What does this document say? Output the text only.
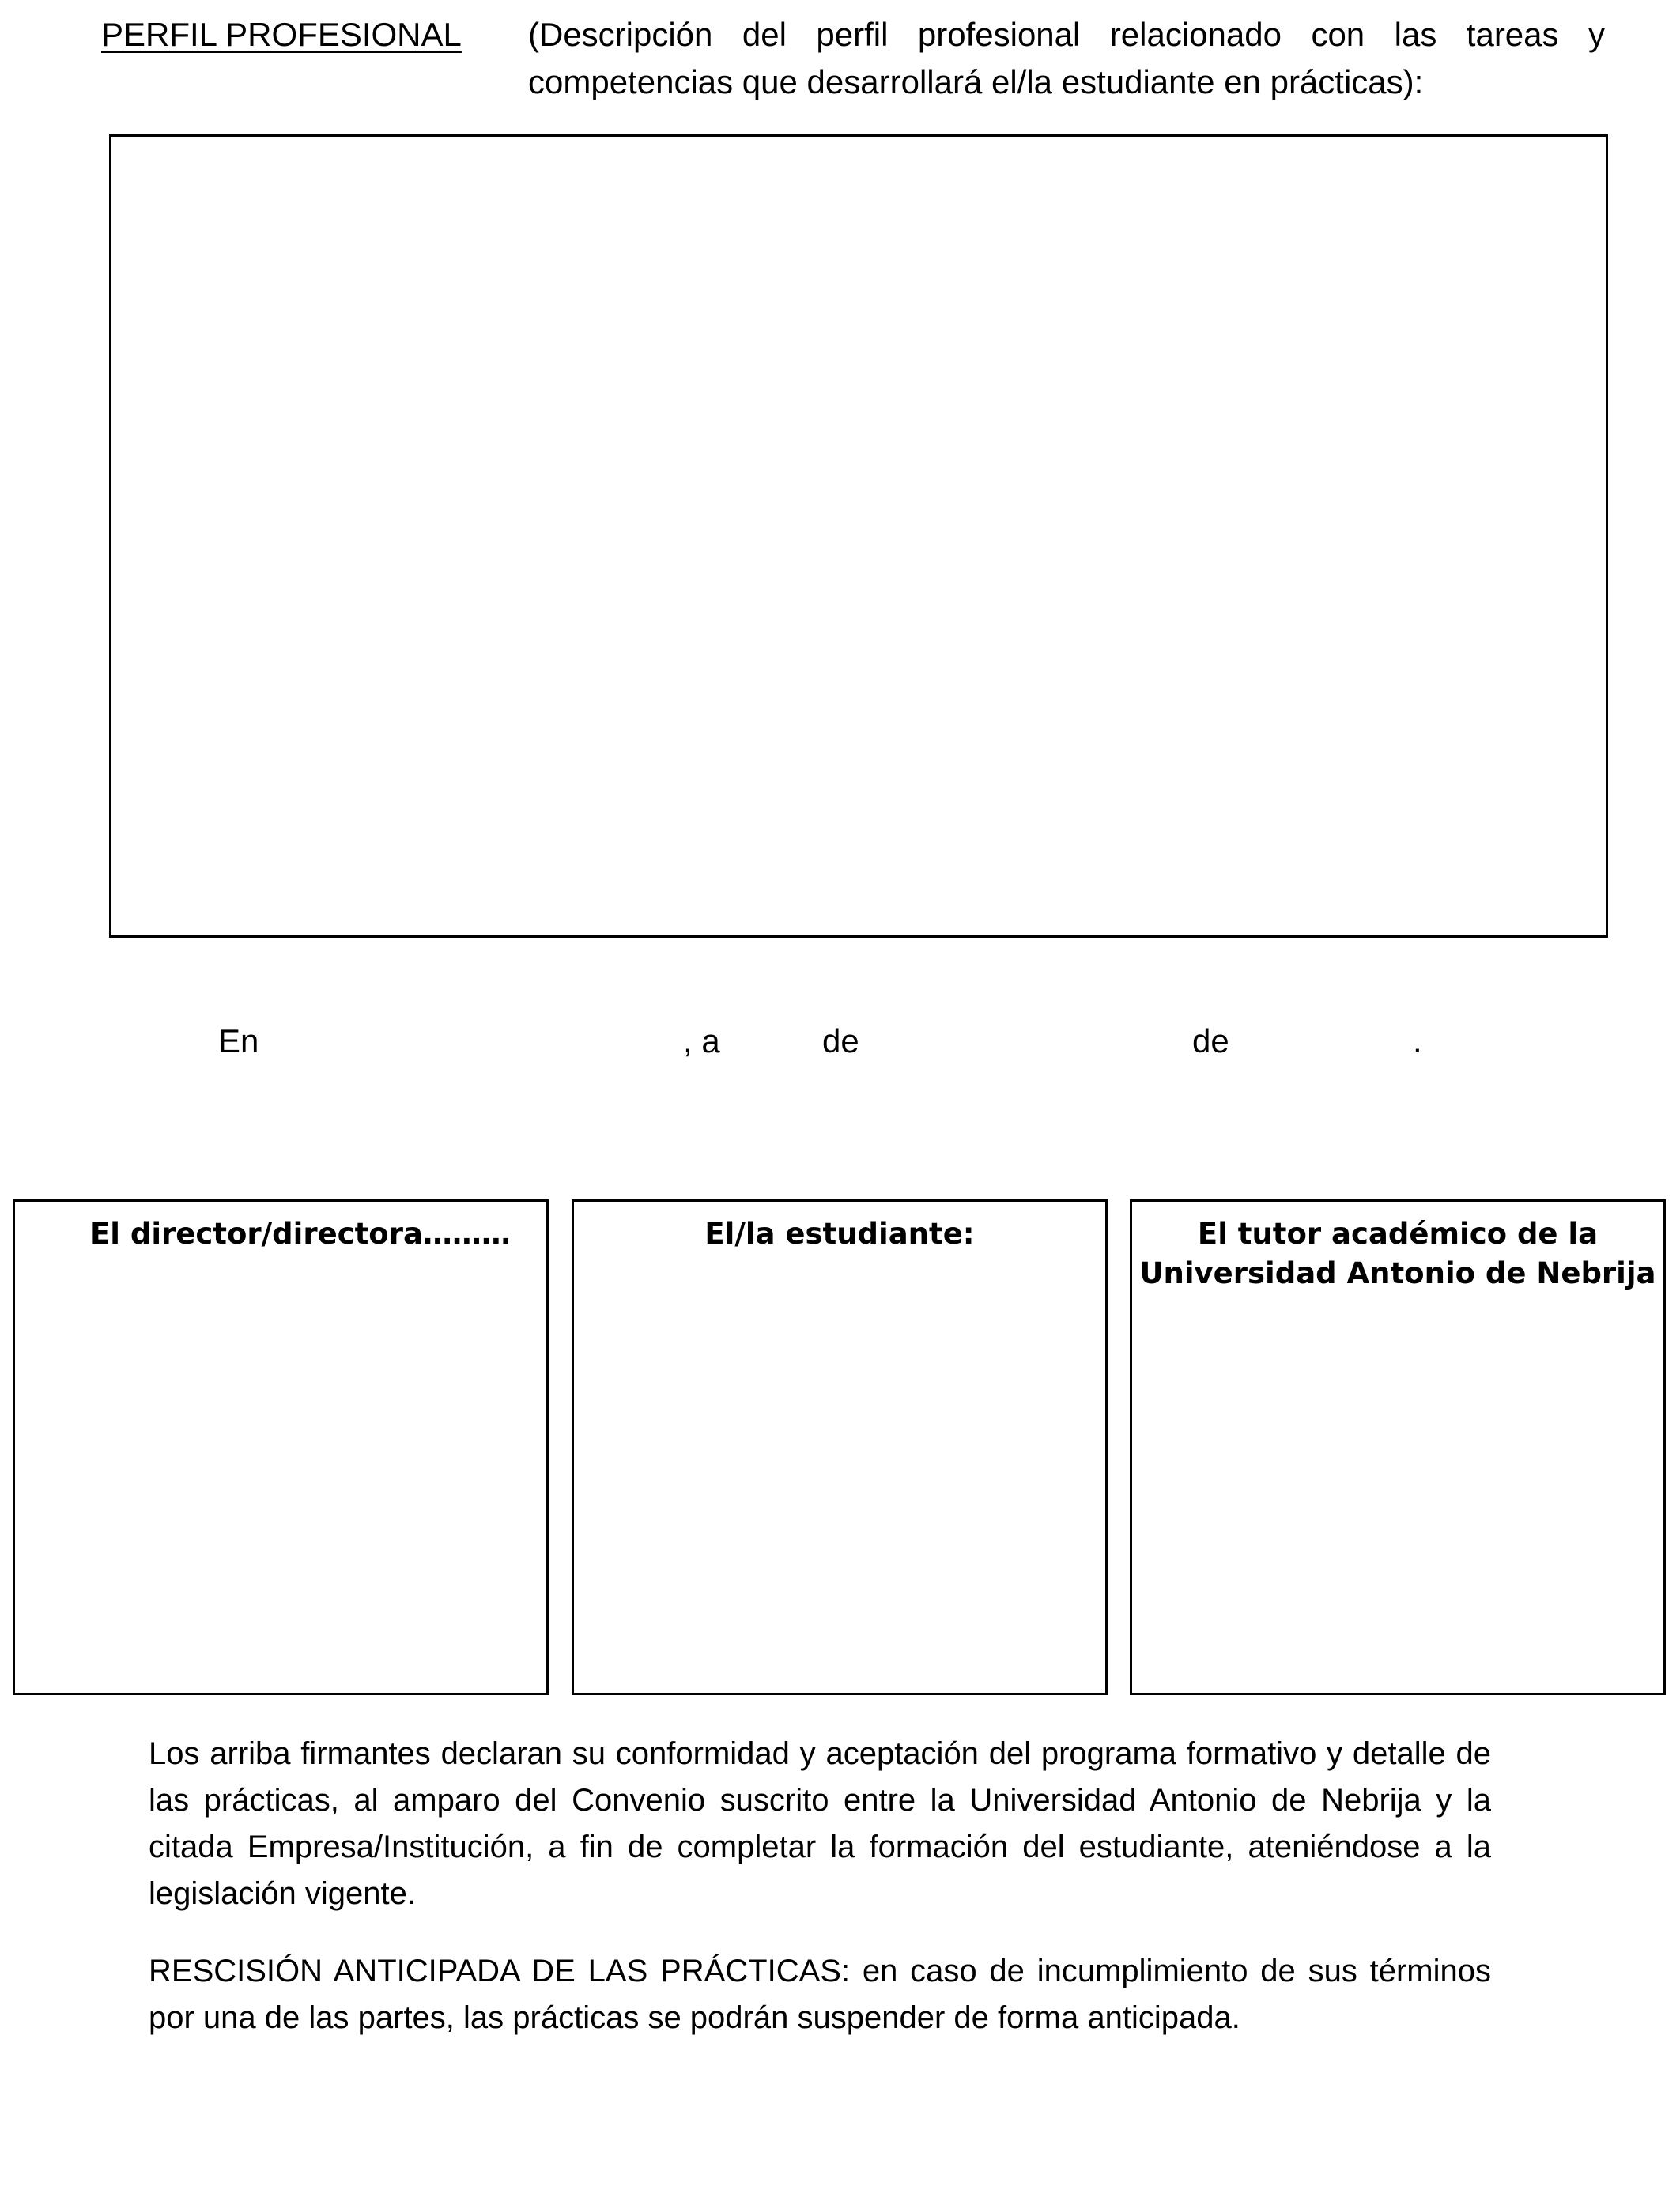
PERFIL PROFESIONAL (Descripción del perfil profesional relacionado con las tareas y competencias que desarrollará el/la estudiante en prácticas):

En	, a	de	de	.

El director/directora………	El/la estudiante:	El tutor académico de la Universidad Antonio de Nebrija

Los arriba firmantes declaran su conformidad y aceptación del programa formativo y detalle de las prácticas, al amparo del Convenio suscrito entre la Universidad Antonio de Nebrija y la citada Empresa/Institución, a fin de completar la formación del estudiante, ateniéndose a la legislación vigente.

RESCISIÓN ANTICIPADA DE LAS PRÁCTICAS: en caso de incumplimiento de sus términos por una de las partes, las prácticas se podrán suspender de forma anticipada.
